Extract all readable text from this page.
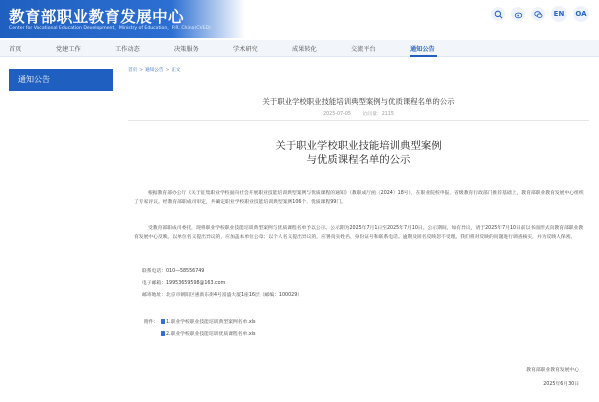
教育部职业教育发展中心
Center for Vocational Education Development，Ministry of Education，P.R. China(CVED)
EN	OA
首页	党建工作	工作动态	决策服务	学术研究	成果转化	交流平台	通知公告
通知公告
首页 > 通知公告 > 正文
关于职业学校职业技能培训典型案例与优质课程名单的公示
2025-07-05 访问量：2115
关于职业学校职业技能培训典型案例
与优质课程名单的公示
根据教育部办公厅《关于征集职业学校面向社会开展职业技能培训典型案例与优质课程的通知》（教职成厅函〔2024〕18号），在职业院校申报、省级教育行政部门推荐基础上，教育部职业教育发展中心组织了专家评议。经教育部职成司审定，共确定职业学校职业技能培训典型案例106个、优质课程99门。
受教育部职成司委托，现将职业学校职业技能培训典型案例与优质课程名单予以公示。公示期为2025年7月1日至2025年7月10日。公示期间，如有异议，请于2025年7月10日前以书面形式向教育部职业教育发展中心反映。以单位名义提出异议的，应加盖本单位公章；以个人名义提出异议的，应署真实姓名、身份证号和联系电话。逾期及匿名反映恕不受理。我们将对反映的问题进行调查核实，并为反映人保密。
联系电话：010—58556749
电子邮箱：19953659598@163.com
邮寄地址：北京市朝阳区惠新东街4号富盛大厦1座16层（邮编：100029）
附件： 1.职业学校职业技能培训典型案例名单.xls
2.职业学校职业技能培训优质课程名单.xls
教育部职业教育发展中心
2025年6月30日
